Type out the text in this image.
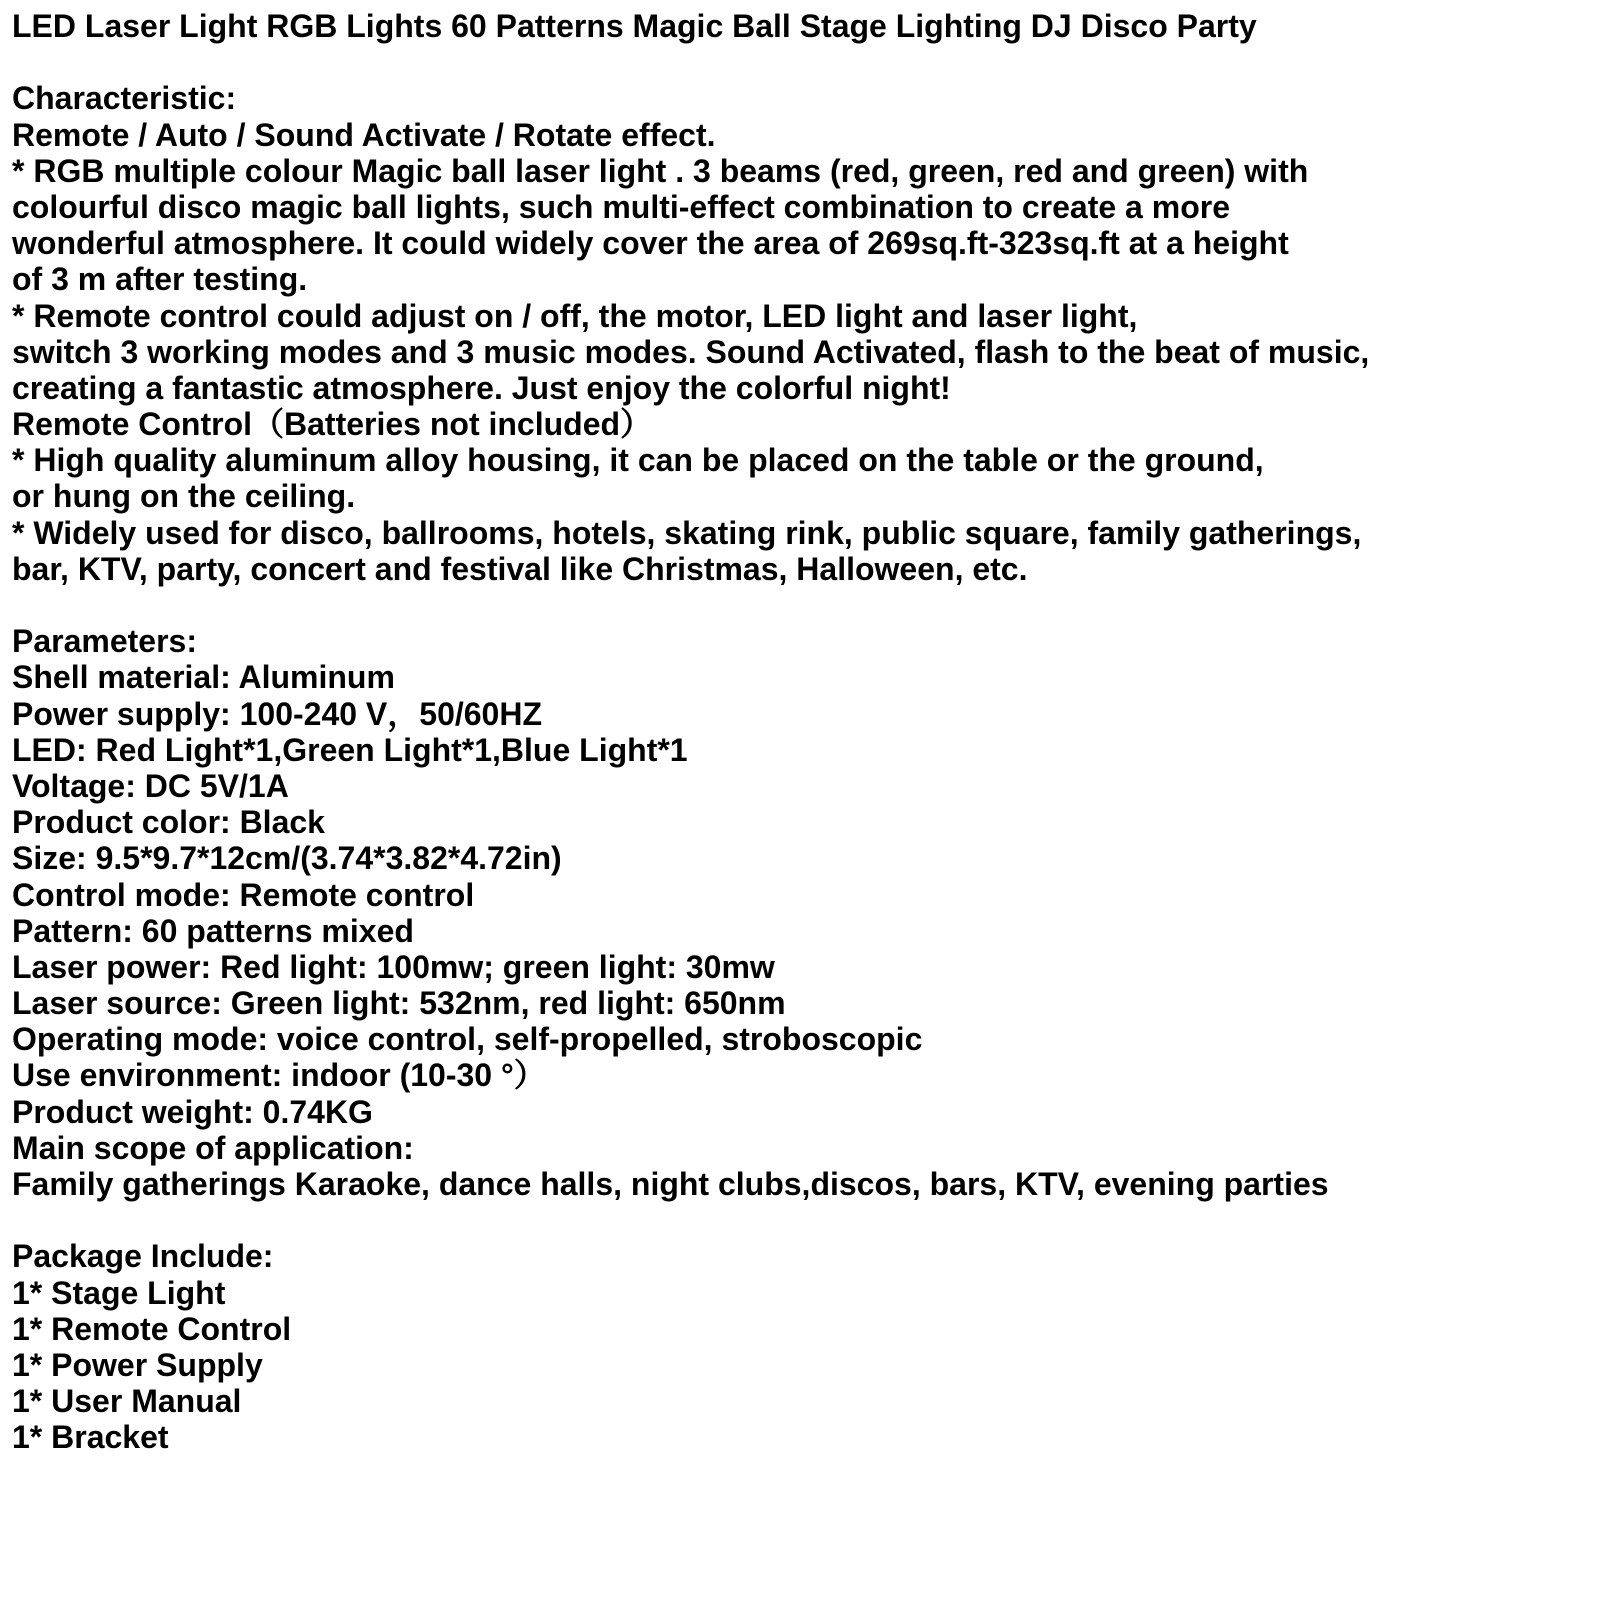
LED Laser Light RGB Lights 60 Patterns Magic Ball Stage Lighting DJ Disco Party
Characteristic:
Remote / Auto / Sound Activate / Rotate effect.
* RGB multiple colour Magic ball laser light . 3 beams (red, green, red and green) with
colourful disco magic ball lights, such multi-effect combination to create a more
wonderful atmosphere. It could widely cover the area of 269sq.ft-323sq.ft at a height
of 3 m after testing.
* Remote control could adjust on / off, the motor, LED light and laser light,
switch 3 working modes and 3 music modes. Sound Activated, flash to the beat of music,
creating a fantastic atmosphere. Just enjoy the colorful night!
Remote Control（Batteries not included）
* High quality aluminum alloy housing, it can be placed on the table or the ground,
or hung on the ceiling.
* Widely used for disco, ballrooms, hotels, skating rink, public square, family gatherings,
bar, KTV, party, concert and festival like Christmas, Halloween, etc.
Parameters:
Shell material: Aluminum
Power supply: 100-240 V，50/60HZ
LED: Red Light*1,Green Light*1,Blue Light*1
Voltage: DC 5V/1A
Product color: Black
Size: 9.5*9.7*12cm/(3.74*3.82*4.72in)
Control mode: Remote control
Pattern: 60 patterns mixed
Laser power: Red light: 100mw; green light: 30mw
Laser source: Green light: 532nm, red light: 650nm
Operating mode: voice control, self-propelled, stroboscopic
Use environment: indoor (10-30 °）
Product weight: 0.74KG
Main scope of application:
Family gatherings Karaoke, dance halls, night clubs,discos, bars, KTV, evening parties
Package Include:
1* Stage Light
1* Remote Control
1* Power Supply
1* User Manual
1* Bracket
